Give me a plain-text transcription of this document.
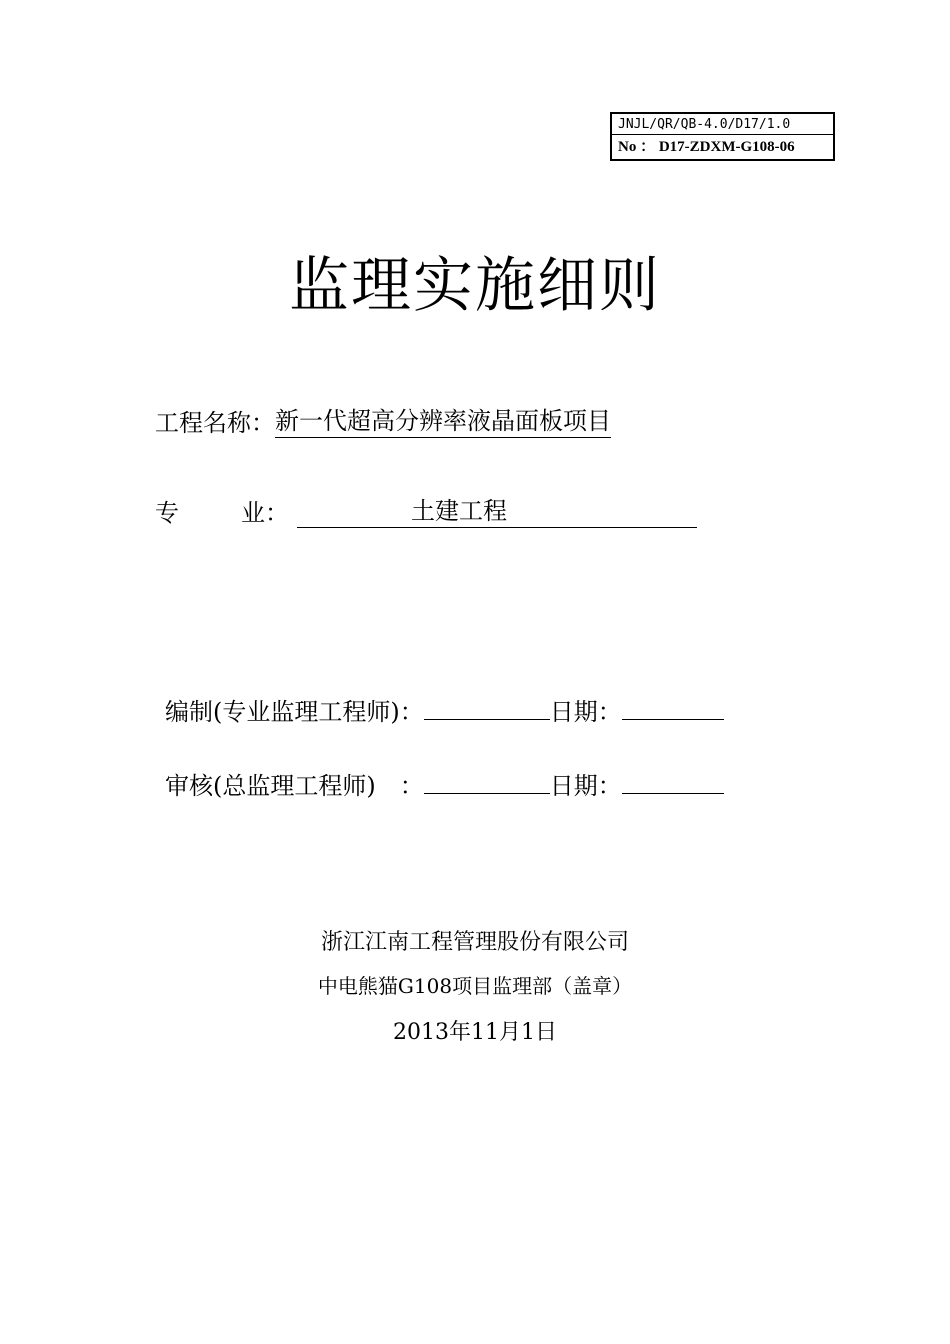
JNJL/QR/QB-4.0/D17/1.0
No ： D17-ZDXM-G108-06
监理实施细则
工程名称：新一代超高分辨率液晶面板项目
专	业：	土建工程
编制(专业监理工程师)：	日期：
审核(总监理工程师)　：	日期：
浙江江南工程管理股份有限公司
中电熊猫G108项目监理部（盖章）
2013年11月1日
